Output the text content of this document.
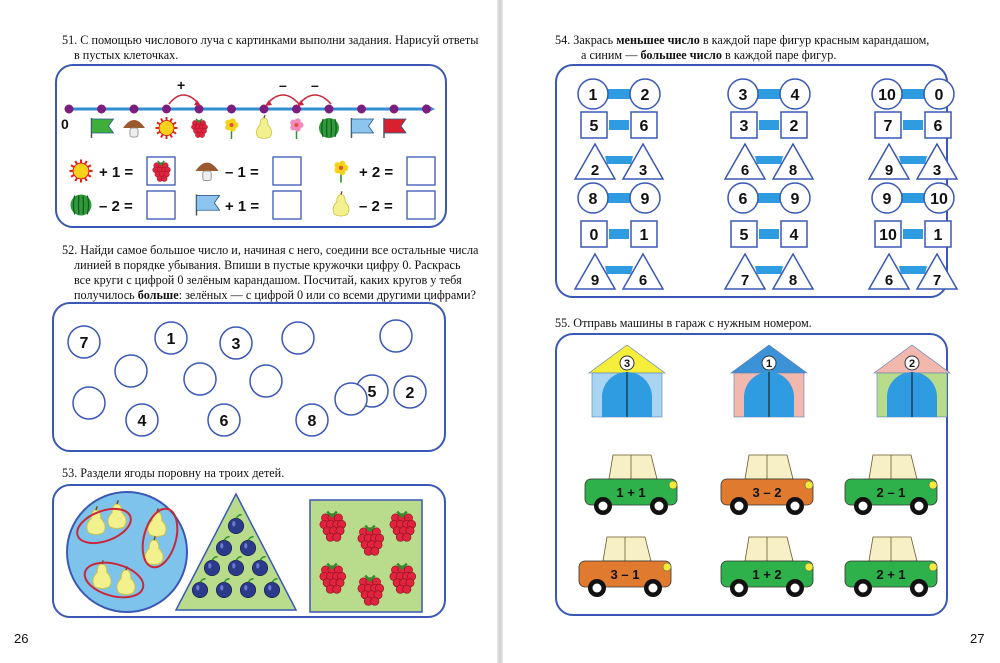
51. С помощью числового луча с картинками выполни задания. Нарисуй ответы
в пустых клеточках.
0
+	– –
+ 1 =	– 1 =	+ 2 =
– 2 =	+ 1 =	– 2 =
52. Найди самое большое число и, начиная с него, соедини все остальные числа
линией в порядке убывания. Впиши в пустые кружочки цифру 0. Раскрась
все круги с цифрой 0 зелёным карандашом. Посчитай, каких кругов у тебя
получилось больше: зелёных — с цифрой 0 или со всеми другими цифрами?
7	1	3
5 2
4	6	8
53. Раздели ягоды поровну на троих детей.
26
54. Закрась меньшее число в каждой паре фигур красным карандашом,
а синим — большее число в каждой паре фигур.
1	2
5	6
2	3
8	9
0	1
9	6
3	4
3	2
6	8
6	9
5	4
7	8
10 0
7	6
9	3
9 10
10 1
6	7
55. Отправь машины в гараж с нужным номером.
3	1	2
1 + 1	3 – 2	2 – 1
3 – 1	1 + 2	2 + 1
27
